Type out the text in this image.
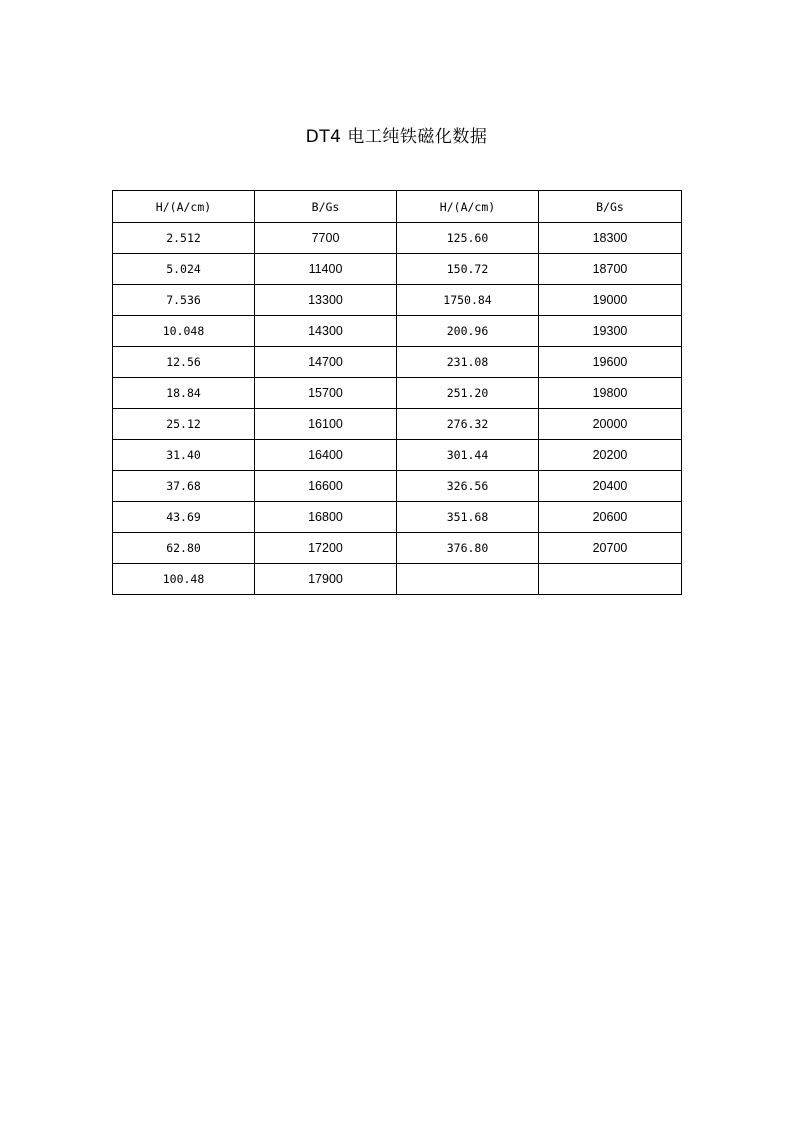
DT4 电工纯铁磁化数据
H/(A/cm)	B/Gs	H/(A/cm)	B/Gs
2.512	7700	125.60	18300
5.024	11400	150.72	18700
7.536	13300	1750.84	19000
10.048	14300	200.96	19300
12.56	14700	231.08	19600
18.84	15700	251.20	19800
25.12	16100	276.32	20000
31.40	16400	301.44	20200
37.68	16600	326.56	20400
43.69	16800	351.68	20600
62.80	17200	376.80	20700
100.48	17900		
